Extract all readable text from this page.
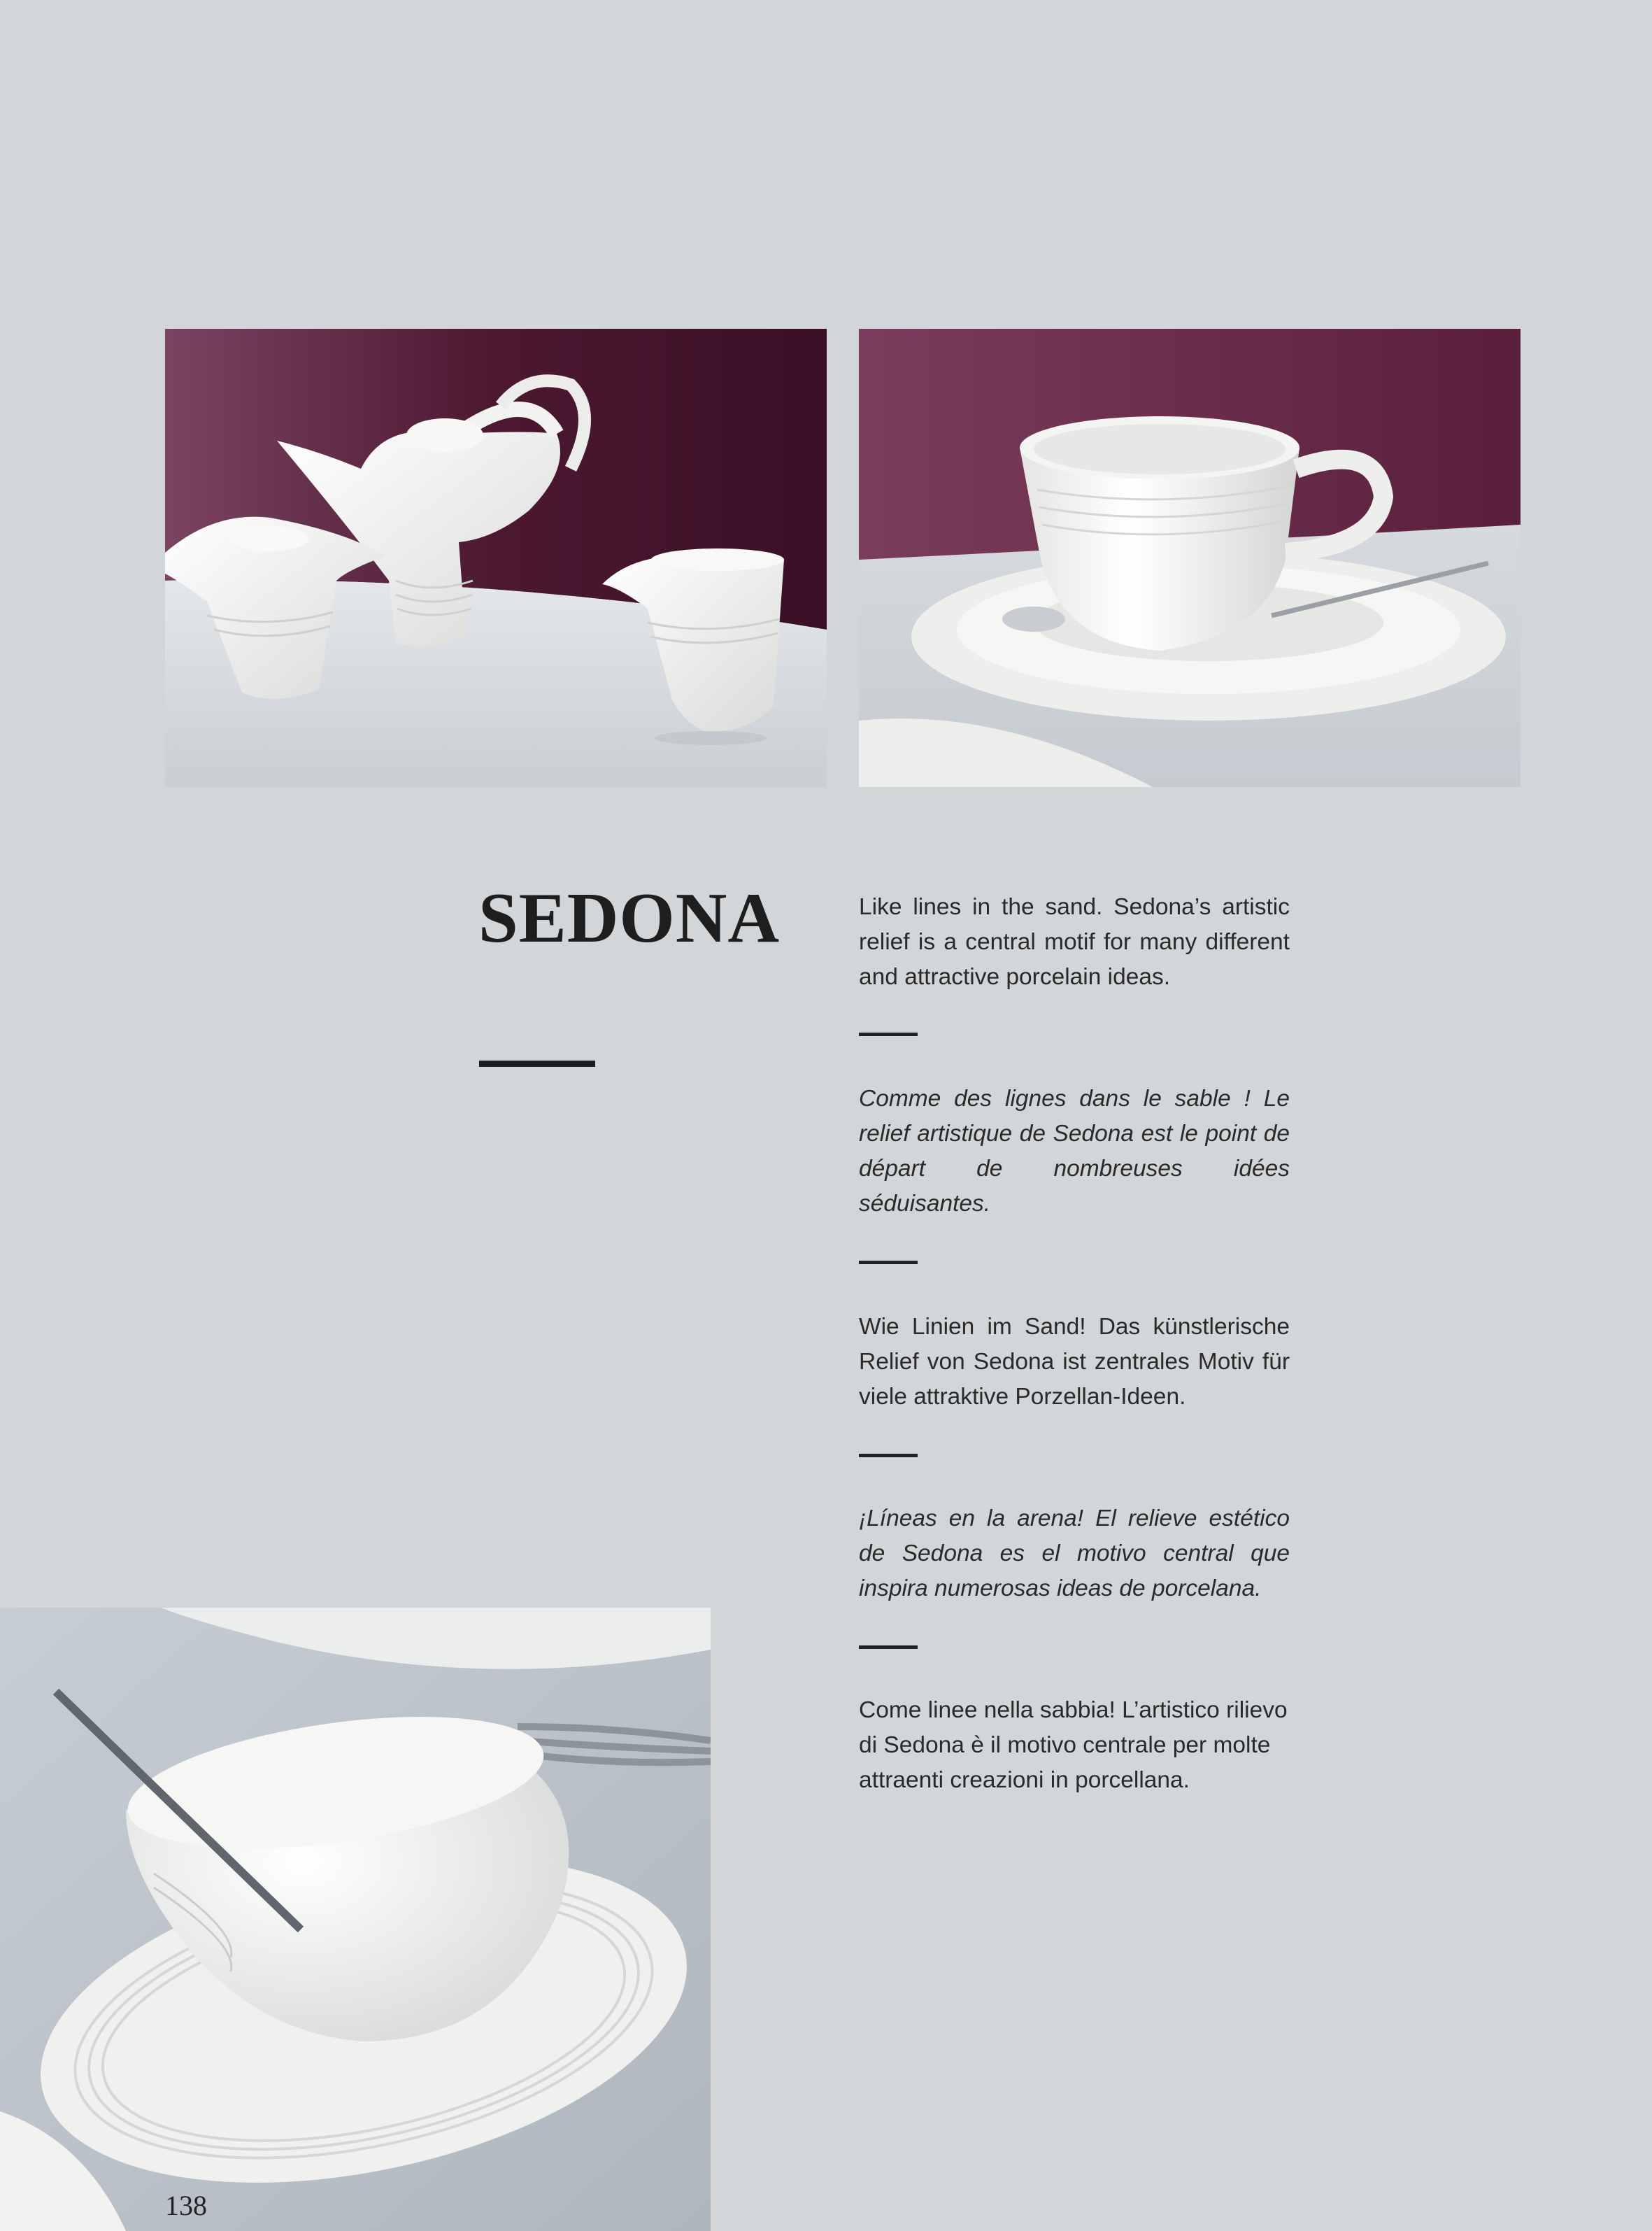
SEDONA	Like lines in the sand. Sedona’s artistic relief is a central motif for many different and attractive porcelain ideas.

Comme des lignes dans le sable ! Le relief artistique de Sedona est le point de départ de nombreuses idées séduisantes.

Wie Linien im Sand! Das künstlerische Relief von Sedona ist zentrales Motiv für viele attraktive Porzellan-Ideen.

¡Líneas en la arena! El relieve estético de Sedona es el motivo central que inspira numerosas ideas de porcelana.

Come linee nella sabbia! L’artistico rilievo di Sedona è il motivo centrale per molte attraenti creazioni in porcellana.

138
